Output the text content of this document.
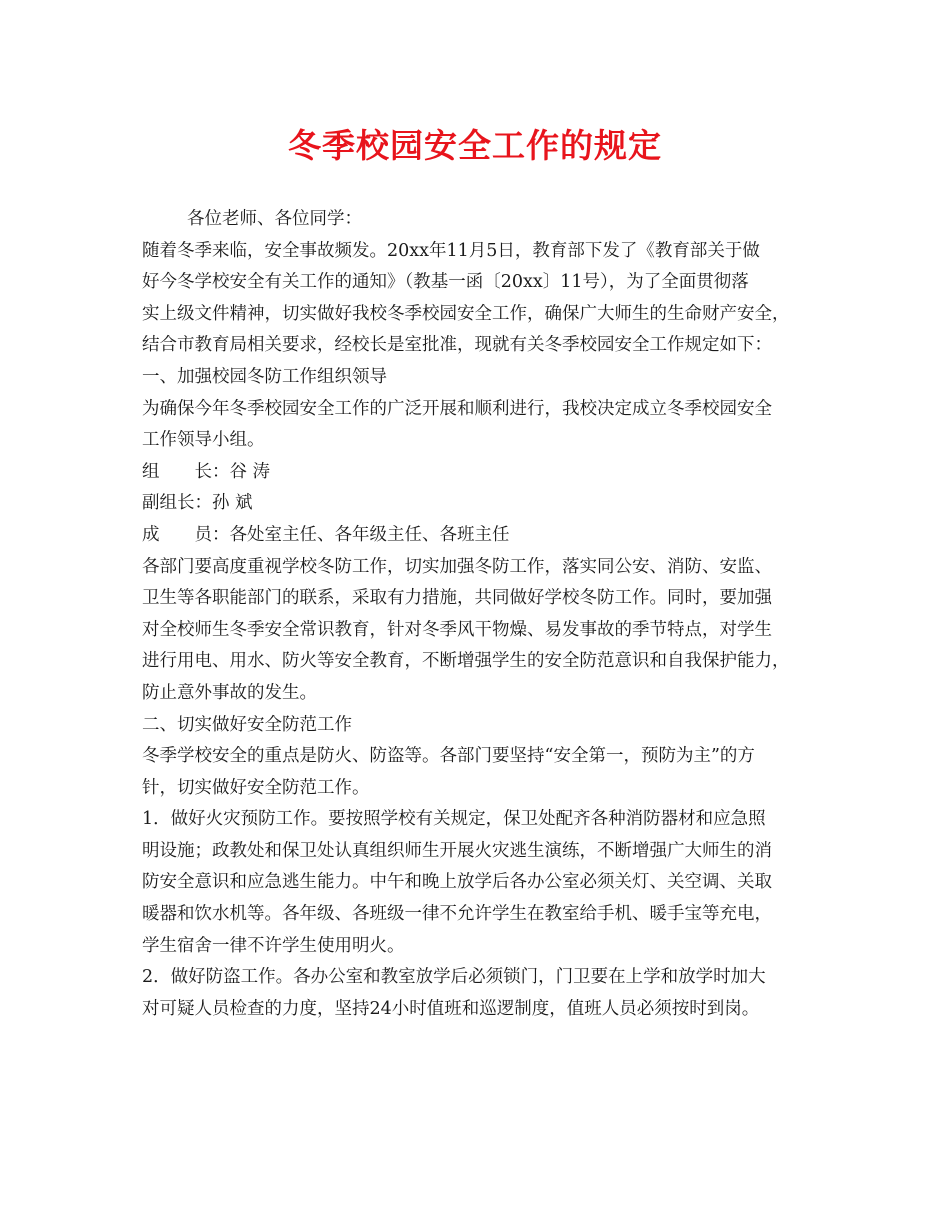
冬季校园安全工作的规定

各位老师、各位同学：

随着冬季来临，安全事故频发。20xx年11月5日，教育部下发了《教育部关于做

好今冬学校安全有关工作的通知》（教基一函〔20xx〕11号），为了全面贯彻落

实上级文件精神，切实做好我校冬季校园安全工作，确保广大师生的生命财产安全，

结合市教育局相关要求，经校长是室批准，现就有关冬季校园安全工作规定如下：

一、加强校园冬防工作组织领导

为确保今年冬季校园安全工作的广泛开展和顺利进行，我校决定成立冬季校园安全

工作领导小组。

组　　长：谷 涛

副组长：孙 斌

成　　员：各处室主任、各年级主任、各班主任

各部门要高度重视学校冬防工作，切实加强冬防工作，落实同公安、消防、安监、

卫生等各职能部门的联系，采取有力措施，共同做好学校冬防工作。同时，要加强

对全校师生冬季安全常识教育，针对冬季风干物燥、易发事故的季节特点，对学生

进行用电、用水、防火等安全教育，不断增强学生的安全防范意识和自我保护能力，

防止意外事故的发生。

二、切实做好安全防范工作

冬季学校安全的重点是防火、防盗等。各部门要坚持“安全第一，预防为主”的方

针，切实做好安全防范工作。

1．做好火灾预防工作。要按照学校有关规定，保卫处配齐各种消防器材和应急照

明设施；政教处和保卫处认真组织师生开展火灾逃生演练，不断增强广大师生的消

防安全意识和应急逃生能力。中午和晚上放学后各办公室必须关灯、关空调、关取

暖器和饮水机等。各年级、各班级一律不允许学生在教室给手机、暖手宝等充电，

学生宿舍一律不许学生使用明火。

2．做好防盗工作。各办公室和教室放学后必须锁门，门卫要在上学和放学时加大

对可疑人员检查的力度，坚持24小时值班和巡逻制度，值班人员必须按时到岗。
